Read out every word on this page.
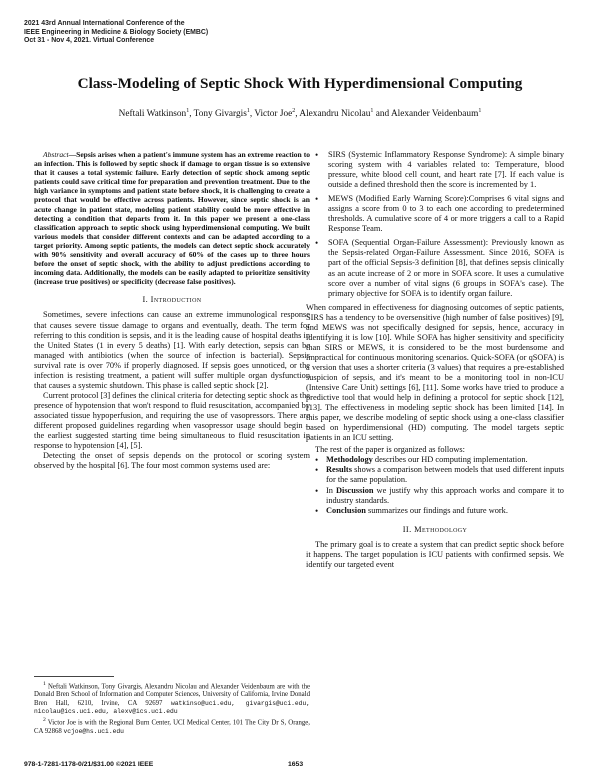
2021 43rd Annual International Conference of the
IEEE Engineering in Medicine & Biology Society (EMBC)
Oct 31 - Nov 4, 2021. Virtual Conference
Class-Modeling of Septic Shock With Hyperdimensional Computing
Neftali Watkinson$^1$, Tony Givargis$^1$, Victor Joe$^2$, Alexandru Nicolau$^1$ and Alexander Veidenbaum$^1$

Abstract—Sepsis arises when a patient's immune system has an extreme reaction to an infection. This is followed by septic shock if damage to organ tissue is so extensive that it causes a total systemic failure. Early detection of septic shock among septic patients could save critical time for preparation and prevention treatment. Due to the high variance in symptoms and patient state before shock, it is challenging to create a protocol that would be effective across patients. However, since septic shock is an acute change in patient state, modeling patient stability could be more effective in detecting a condition that departs from it. In this paper we present a one-class classification approach to septic shock using hyperdimensional computing. We built various models that consider different contexts and can be adapted according to a target priority. Among septic patients, the models can detect septic shock accurately with 90% sensitivity and overall accuracy of 60% of the cases up to three hours before the onset of septic shock, with the ability to adjust predictions according to incoming data. Additionally, the models can be easily adapted to prioritize sensitivity (increase true positives) or specificity (decrease false positives).

I. Introduction

Sometimes, severe infections can cause an extreme immunological response that causes severe tissue damage to organs and eventually, death. The term for referring to this condition is sepsis, and it is the leading cause of hospital deaths in the United States (1 in every 5 deaths) [1]. With early detection, sepsis can be managed with antibiotics (when the source of infection is bacterial). Sepsis survival rate is over 70% if properly diagnosed. If sepsis goes unnoticed, or the infection is resisting treatment, a patient will suffer multiple organ dysfunction that causes a systemic shutdown. This phase is called septic shock [2].

Current protocol [3] defines the clinical criteria for detecting septic shock as the presence of hypotension that won't respond to fluid resuscitation, accompanied by associated tissue hypoperfusion, and requiring the use of vasopressors. There are different proposed guidelines regarding when vasopressor usage should begin – the earliest suggested starting time being simultaneous to fluid resuscitation in response to hypotension [4], [5].

Detecting the onset of sepsis depends on the protocol or scoring system observed by the hospital [6]. The four most common systems used are:

$^1$ Neftali Watkinson, Tony Givargis, Alexandru Nicolau and Alexander Veidenbaum are with the Donald Bren School of Information and Computer Sciences, University of California, Irvine Donald Bren Hall, 6210, Irvine, CA 92697 watkinso@uci.edu, givargis@uci.edu, nicolau@ics.uci.edu, alexv@ics.uci.edu

$^2$ Victor Joe is with the Regional Burn Center, UCI Medical Center, 101 The City Dr S, Orange, CA 92868 vcjoe@hs.uci.edu

• SIRS (Systemic Inflammatory Response Syndrome): A simple binary scoring system with 4 variables related to: Temperature, blood pressure, white blood cell count, and heart rate [7]. If each value is outside a defined threshold then the score is incremented by 1.
• MEWS (Modified Early Warning Score):Comprises 6 vital signs and assigns a score from 0 to 3 to each one according to predetermined thresholds. A cumulative score of 4 or more triggers a call to a Rapid Response Team.
• SOFA (Sequential Organ-Failure Assessment): Previously known as the Sepsis-related Organ-Failure Assessment. Since 2016, SOFA is part of the official Sepsis-3 definition [8], that defines sepsis clinically as an acute increase of 2 or more in SOFA score. It uses a cumulative score over a number of vital signs (6 groups in SOFA's case). The primary objective for SOFA is to identify organ failure.

When compared in effectiveness for diagnosing outcomes of septic patients, SIRS has a tendency to be oversensitive (high number of false positives) [9], and MEWS was not specifically designed for sepsis, hence, accuracy in identifying it is low [10]. While SOFA has higher sensitivity and specificity than SIRS or MEWS, it is considered to be the most burdensome and impractical for continuous monitoring scenarios. Quick-SOFA (or qSOFA) is a version that uses a shorter criteria (3 values) that requires a pre-established suspicion of sepsis, and it's meant to be a monitoring tool in non-ICU (Intensive Care Unit) settings [6], [11]. Some works have tried to produce a predictive tool that would help in defining a protocol for septic shock [12], [13]. The effectiveness in modeling septic shock has been limited [14]. In this paper, we describe modeling of septic shock using a one-class classifier based on hyperdimensional (HD) computing. The model targets septic patients in an ICU setting.

The rest of the paper is organized as follows:

• Methodology describes our HD computing implementation.
• Results shows a comparison between models that used different inputs for the same population.
• In Discussion we justify why this approach works and compare it to industry standards.
• Conclusion summarizes our findings and future work.
II. Methodology

The primary goal is to create a system that can predict septic shock before it happens. The target population is ICU patients with confirmed sepsis. We identify our targeted event

978-1-7281-1178-0/21/$31.00 ©2021 IEEE	1653
